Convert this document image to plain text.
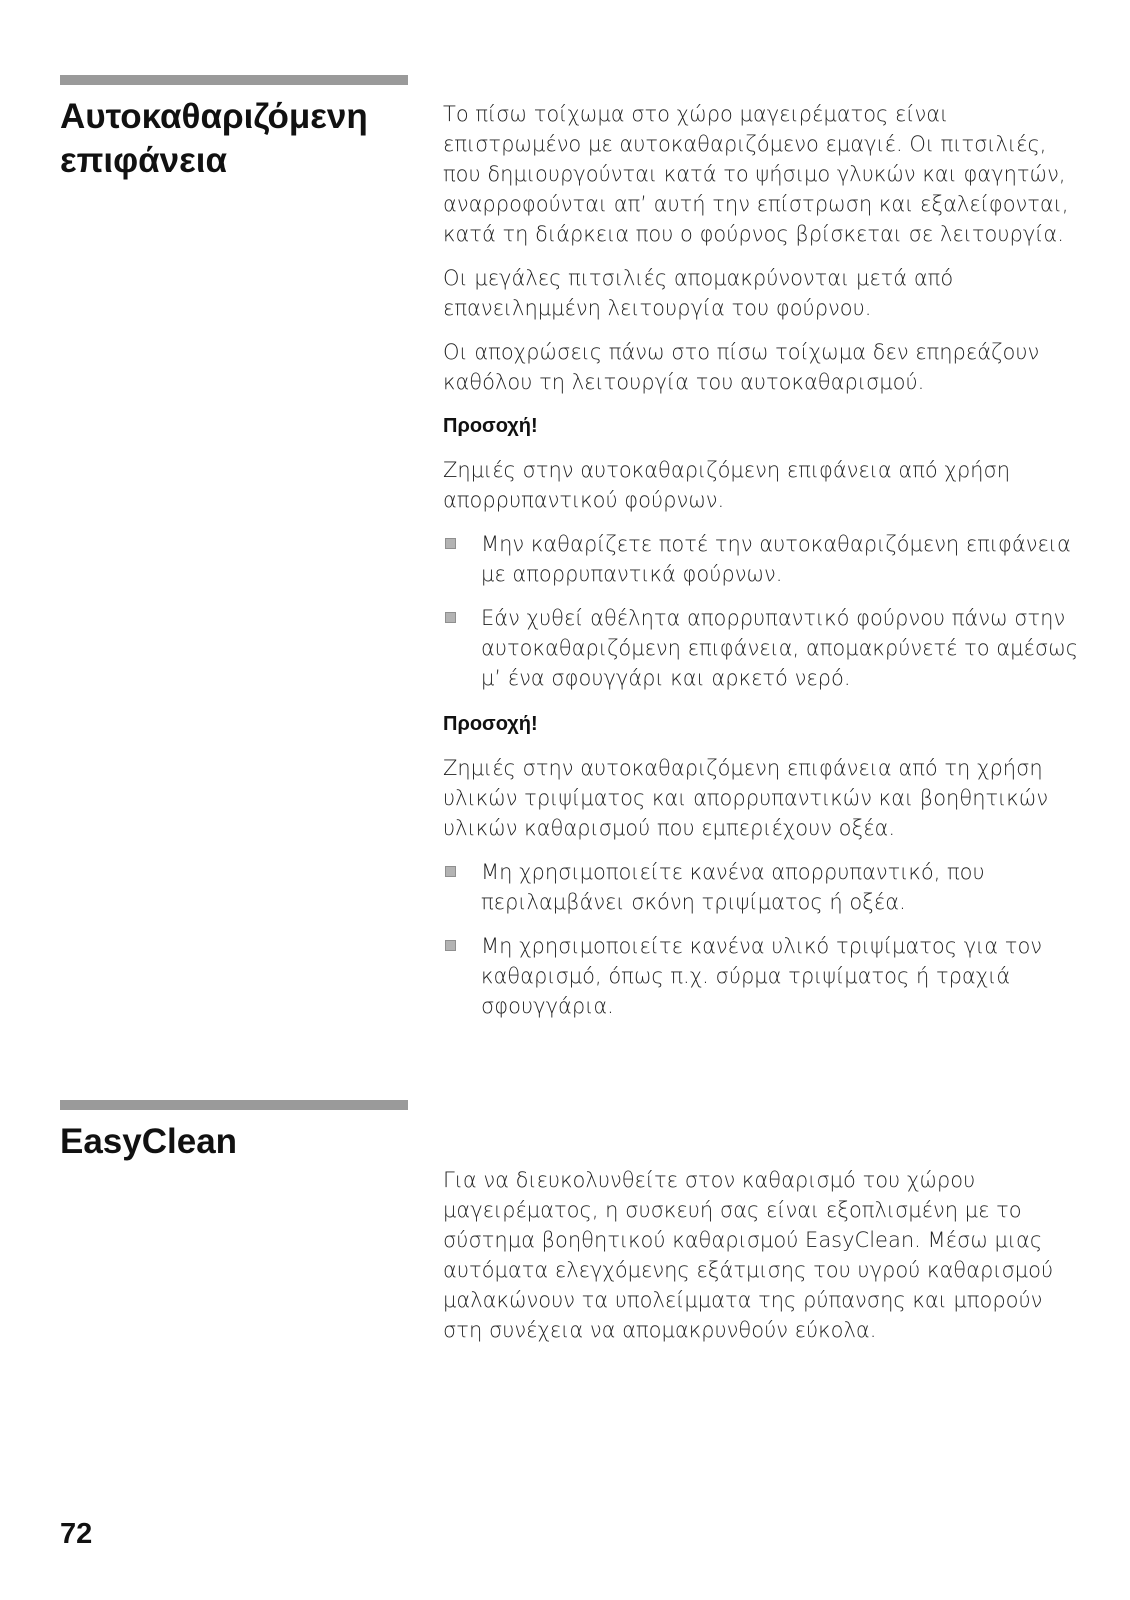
Αυτοκαθαριζόμενη επιφάνεια

Το πίσω τοίχωμα στο χώρο μαγειρέματος είναι επιστρωμένο με αυτοκαθαριζόμενο εμαγιέ. Οι πιτσιλιές, που δημιουργούνται κατά το ψήσιμο γλυκών και φαγητών, αναρροφούνται απ’ αυτή την επίστρωση και εξαλείφονται, κατά τη διάρκεια που ο φούρνος βρίσκεται σε λειτουργία.

Οι μεγάλες πιτσιλιές απομακρύνονται μετά από επανειλημμένη λειτουργία του φούρνου.

Οι αποχρώσεις πάνω στο πίσω τοίχωμα δεν επηρεάζουν καθόλου τη λειτουργία του αυτοκαθαρισμού.

Προσοχή!

Ζημιές στην αυτοκαθαριζόμενη επιφάνεια από χρήση απορρυπαντικού φούρνων.

Μην καθαρίζετε ποτέ την αυτοκαθαριζόμενη επιφάνεια με απορρυπαντικά φούρνων.
Εάν χυθεί αθέλητα απορρυπαντικό φούρνου πάνω στην αυτοκαθαριζόμενη επιφάνεια, απομακρύνετέ το αμέσως μ’ ένα σφουγγάρι και αρκετό νερό.
Προσοχή!

Ζημιές στην αυτοκαθαριζόμενη επιφάνεια από τη χρήση υλικών τριψίματος και απορρυπαντικών και βοηθητικών υλικών καθαρισμού που εμπεριέχουν οξέα.

Μη χρησιμοποιείτε κανένα απορρυπαντικό, που περιλαμβάνει σκόνη τριψίματος ή οξέα.
Μη χρησιμοποιείτε κανένα υλικό τριψίματος για τον καθαρισμό, όπως π.χ. σύρμα τριψίματος ή τραχιά σφουγγάρια.
EasyClean

Για να διευκολυνθείτε στον καθαρισμό του χώρου μαγειρέματος, η συσκευή σας είναι εξοπλισμένη με το σύστημα βοηθητικού καθαρισμού EasyClean. Μέσω μιας αυτόματα ελεγχόμενης εξάτμισης του υγρού καθαρισμού μαλακώνουν τα υπολείμματα της ρύπανσης και μπορούν στη συνέχεια να απομακρυνθούν εύκολα.

72
